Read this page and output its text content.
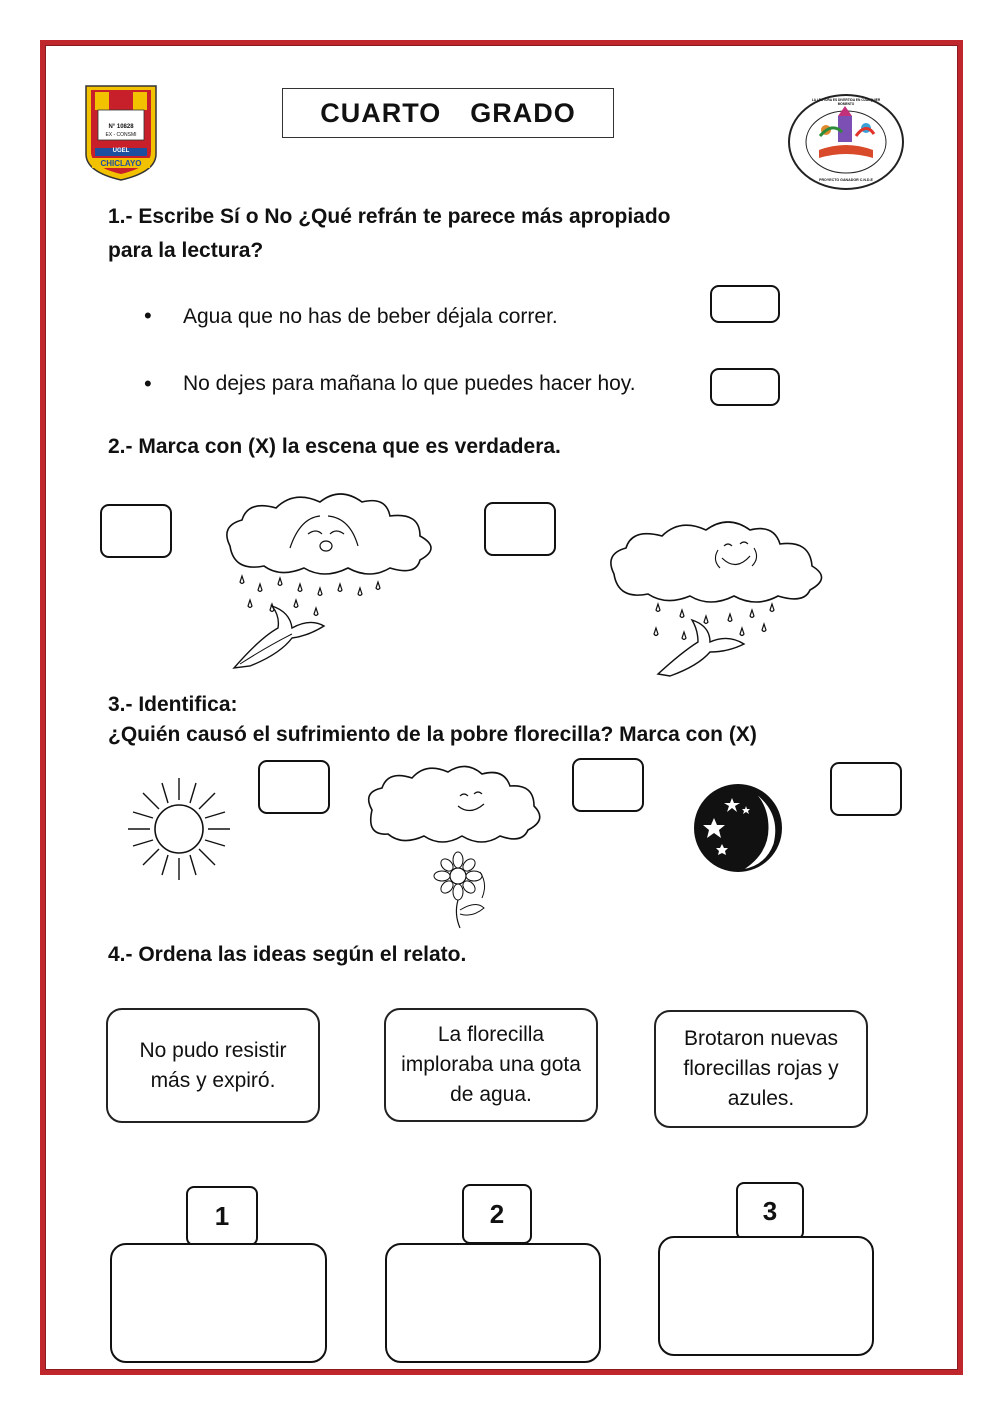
N° 10828
EX - CONSMI
UGEL
CHICLAYO
CUARTO  GRADO	LA LECTURA ES DIVERTIDA EN CUALQUIER MOMENTO
PROYECTO GANADOR C.N.D.E
1.- Escribe Sí o No ¿Qué refrán te parece más apropiado
para la lectura?
• Agua que no has de beber déjala correr.
• No dejes para mañana lo que puedes hacer hoy.
2.- Marca con (X) la escena que es verdadera.
3.- Identifica:
¿Quién causó el sufrimiento de la pobre florecilla? Marca con (X)
4.- Ordena las ideas según el relato.
No pudo resistir más y expiró.
La florecilla imploraba una gota de agua.
Brotaron nuevas florecillas rojas y azules.
1	2	3
